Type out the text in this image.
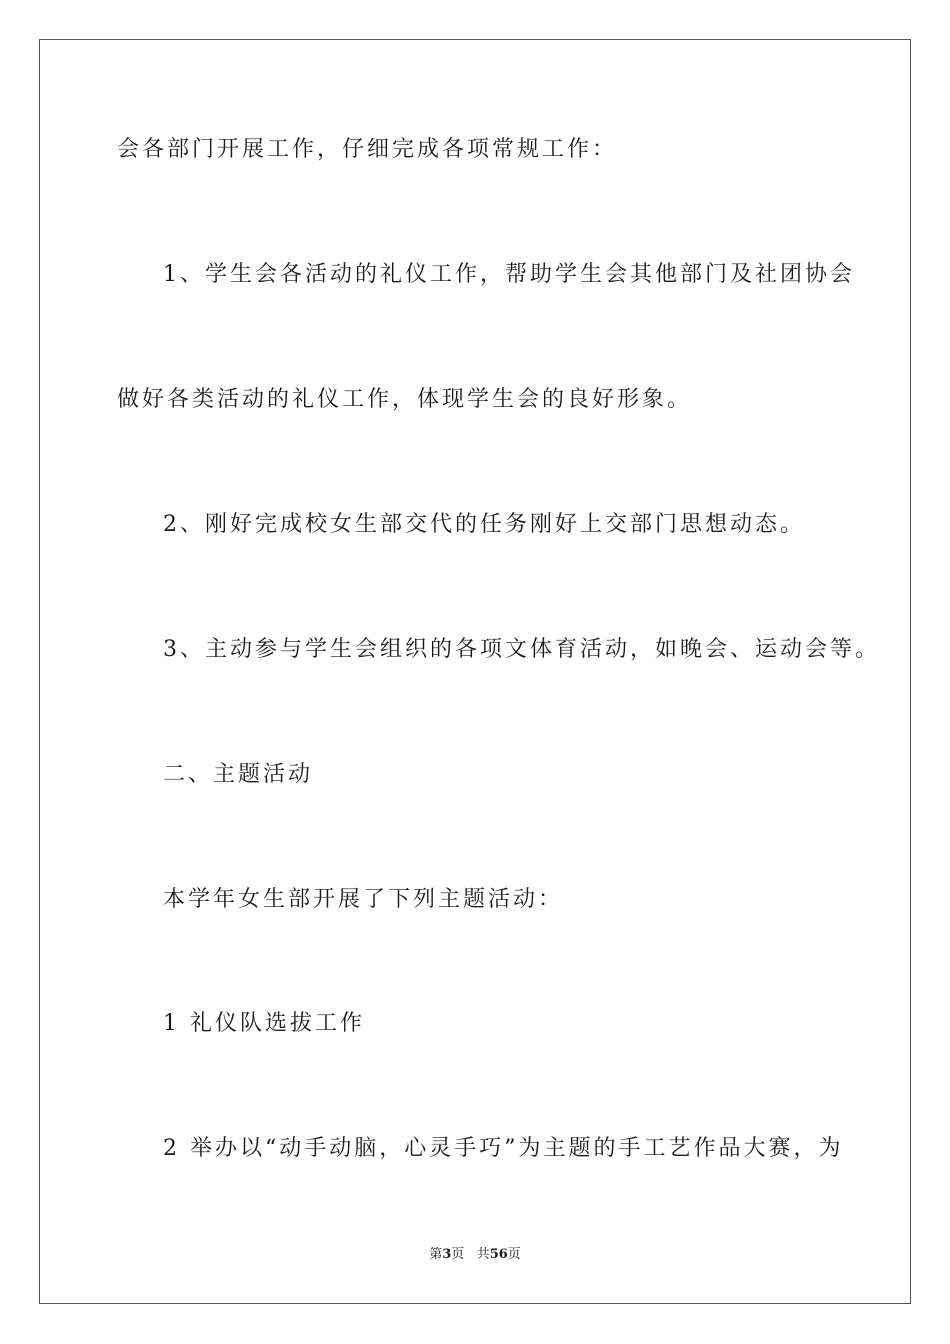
会各部门开展工作，仔细完成各项常规工作：
1、学生会各活动的礼仪工作，帮助学生会其他部门及社团协会
做好各类活动的礼仪工作，体现学生会的良好形象。
2、刚好完成校女生部交代的任务刚好上交部门思想动态。
3、主动参与学生会组织的各项文体育活动，如晚会、运动会等。
二、主题活动
本学年女生部开展了下列主题活动：
1 礼仪队选拔工作
2 举办以“动手动脑，心灵手巧”为主题的手工艺作品大赛，为
第3页 共56页
